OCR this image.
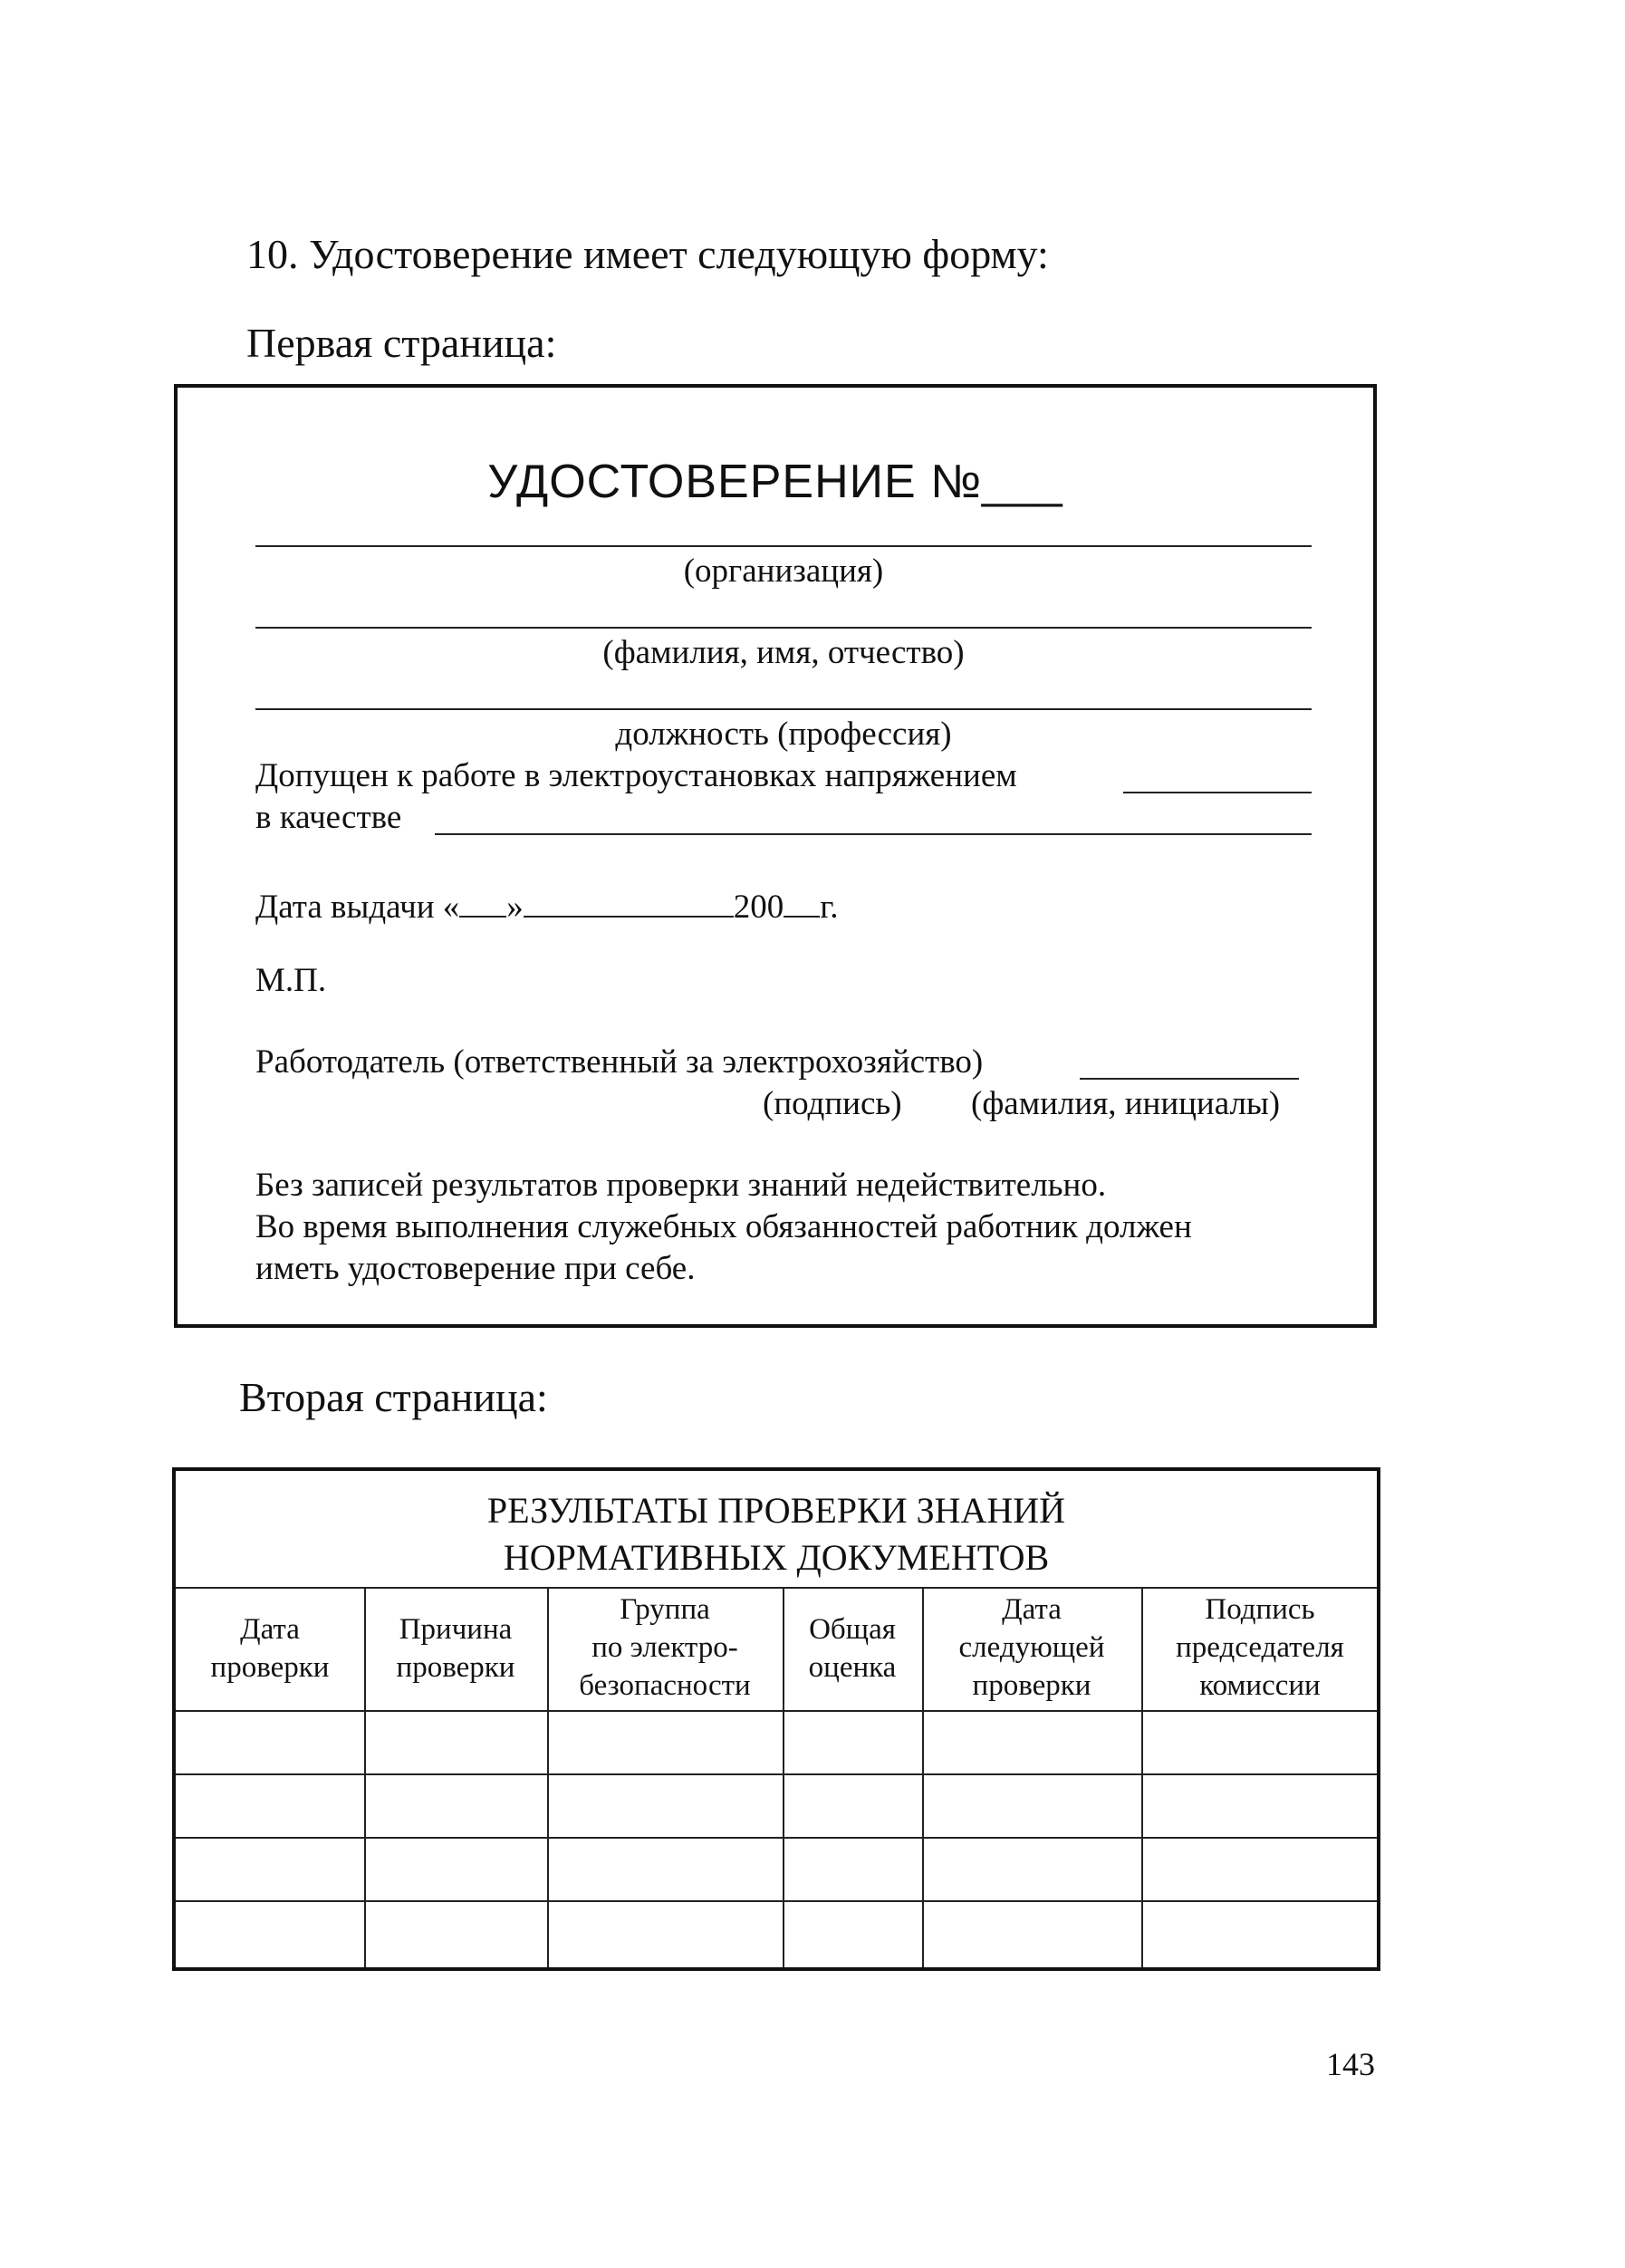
10. Удостоверение имеет следующую форму:
Первая страница:
УДОСТОВЕРЕНИЕ №___
(организация)
(фамилия, имя, отчество)
должность (профессия)
Допущен к работе в электроустановках напряжением
в качестве
Дата выдачи « »	200 г.
М.П.
Работодатель (ответственный за электрохозяйство)
(подпись) (фамилия, инициалы)
Без записей результатов проверки знаний недействительно.
Во время выполнения служебных обязанностей работник должен
иметь удостоверение при себе.
Вторая страница:
РЕЗУЛЬТАТЫ ПРОВЕРКИ ЗНАНИЙ
НОРМАТИВНЫХ ДОКУМЕНТОВ
Дата
проверки
Причина
проверки
Группа
по электро-
безопасности
Общая
оценка
Дата
следующей
проверки
Подпись
председателя
комиссии
143
